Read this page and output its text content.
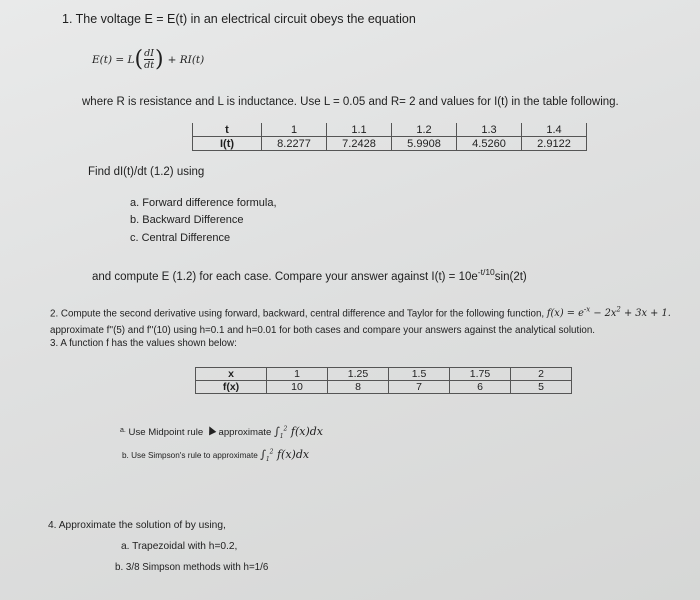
1. The voltage E = E(t) in an electrical circuit obeys the equation
E(t) = L ( $\frac{dI}{dt}$ ) + RI(t)
where R is resistance and L is inductance. Use L = 0.05 and R= 2 and values for I(t) in the table following.
t	1	1.1	1.2	1.3	1.4
I(t)	8.2277	7.2428	5.9908	4.5260	2.9122
Find dI(t)/dt (1.2) using
a. Forward difference formula,
b. Backward Difference
c. Central Difference
and compute E (1.2) for each case. Compare your answer against $I(t) = 10e^{-t/10}\sin(2t)$
2. Compute the second derivative using forward, backward, central difference and Taylor for the following function, $f(x) = e^{-x} - 2x^2 + 3x + 1$.
approximate f''(5) and f''(10) using h=0.1 and h=0.01 for both cases and compare your answers against the analytical solution.
3. A function f has the values shown below:
x	1	1.25	1.5	1.75	2
f(x)	10	8	7	6	5
$^{a.}$ Use Midpoint rule approximate $\int_1^2$ f(x)dx
b. Use Simpson's rule to approximate $\int_1^2$ f(x)dx
4. Approximate the solution of by using,
a. Trapezoidal with h=0.2,
b. 3/8 Simpson methods with h=1/6
